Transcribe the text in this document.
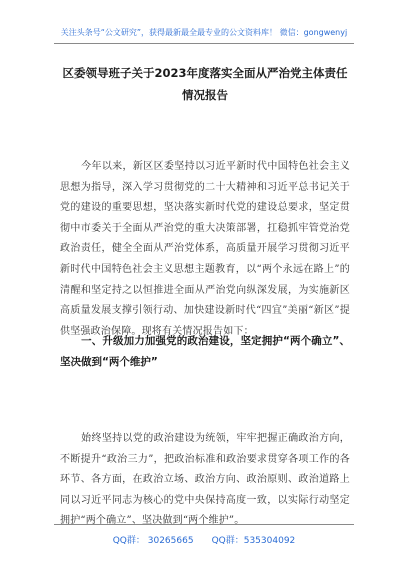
关注头条号“公文研究”，获得最新最全最专业的公文资料库！ 微信：gongwenyj
区委领导班子关于2023年度落实全面从严治党主体责任情况报告
今年以来，新区区委坚持以习近平新时代中国特色社会主义思想为指导，深入学习贯彻党的二十大精神和习近平总书记关于党的建设的重要思想，坚决落实新时代党的建设总要求，坚定贯彻中市委关于全面从严治党的重大决策部署，扛稳抓牢管党治党政治责任，健全全面从严治党体系，高质量开展学习贯彻习近平新时代中国特色社会主义思想主题教育，以“两个永远在路上”的清醒和坚定持之以恒推进全面从严治党向纵深发展，为实施新区高质量发展支撑引领行动、加快建设新时代“四宜”美丽“新区”提供坚强政治保障。现将有关情况报告如下：
一、升级加力加强党的政治建设，坚定拥护“两个确立”、坚决做到“两个维护”
始终坚持以党的政治建设为统领，牢牢把握正确政治方向，不断提升“政治三力”，把政治标准和政治要求贯穿各项工作的各环节、各方面，在政治立场、政治方向、政治原则、政治道路上同以习近平同志为核心的党中央保持高度一致，以实际行动坚定拥护“两个确立”、坚决做到“两个维护”。
QQ群： 30265665 QQ群：535304092
